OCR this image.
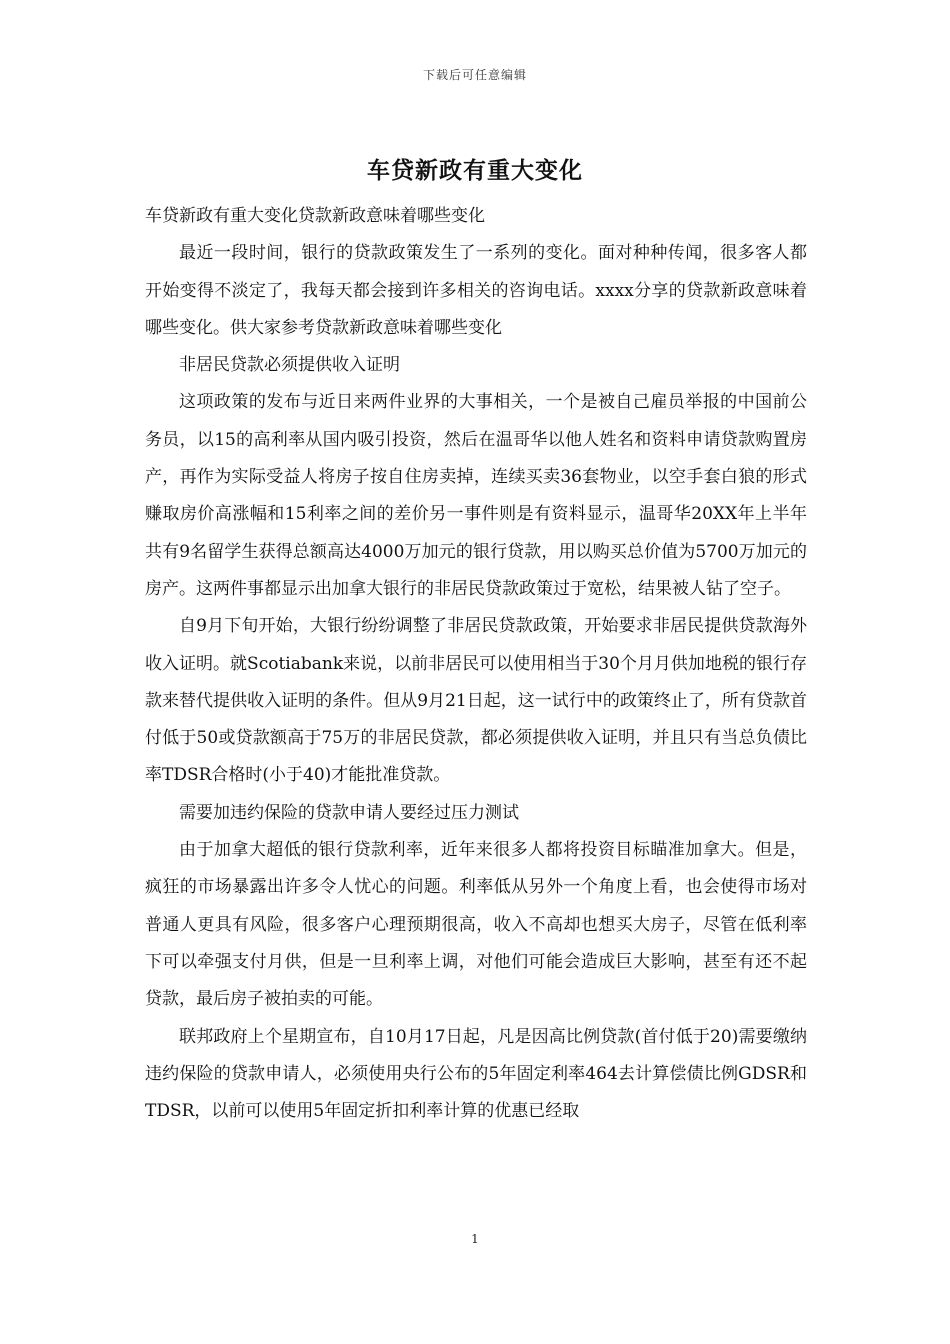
下载后可任意编辑
车贷新政有重大变化

车贷新政有重大变化贷款新政意味着哪些变化

最近一段时间，银行的贷款政策发生了一系列的变化。面对种种传闻，很多客人都开始变得不淡定了，我每天都会接到许多相关的咨询电话。xxxx分享的贷款新政意味着哪些变化。供大家参考贷款新政意味着哪些变化

非居民贷款必须提供收入证明

这项政策的发布与近日来两件业界的大事相关，一个是被自己雇员举报的中国前公务员，以15的高利率从国内吸引投资，然后在温哥华以他人姓名和资料申请贷款购置房产，再作为实际受益人将房子按自住房卖掉，连续买卖36套物业，以空手套白狼的形式赚取房价高涨幅和15利率之间的差价另一事件则是有资料显示，温哥华20XX年上半年共有9名留学生获得总额高达4000万加元的银行贷款，用以购买总价值为5700万加元的房产。这两件事都显示出加拿大银行的非居民贷款政策过于宽松，结果被人钻了空子。

自9月下旬开始，大银行纷纷调整了非居民贷款政策，开始要求非居民提供贷款海外收入证明。就Scotiabank来说，以前非居民可以使用相当于30个月月供加地税的银行存款来替代提供收入证明的条件。但从9月21日起，这一试行中的政策终止了，所有贷款首付低于50或贷款额高于75万的非居民贷款，都必须提供收入证明，并且只有当总负债比率TDSR合格时(小于40)才能批准贷款。

需要加违约保险的贷款申请人要经过压力测试

由于加拿大超低的银行贷款利率，近年来很多人都将投资目标瞄准加拿大。但是，疯狂的市场暴露出许多令人忧心的问题。利率低从另外一个角度上看，也会使得市场对普通人更具有风险，很多客户心理预期很高，收入不高却也想买大房子，尽管在低利率下可以牵强支付月供，但是一旦利率上调，对他们可能会造成巨大影响，甚至有还不起贷款，最后房子被拍卖的可能。

联邦政府上个星期宣布，自10月17日起，凡是因高比例贷款(首付低于20)需要缴纳违约保险的贷款申请人，必须使用央行公布的5年固定利率464去计算偿债比例GDSR和TDSR，以前可以使用5年固定折扣利率计算的优惠已经取

1
